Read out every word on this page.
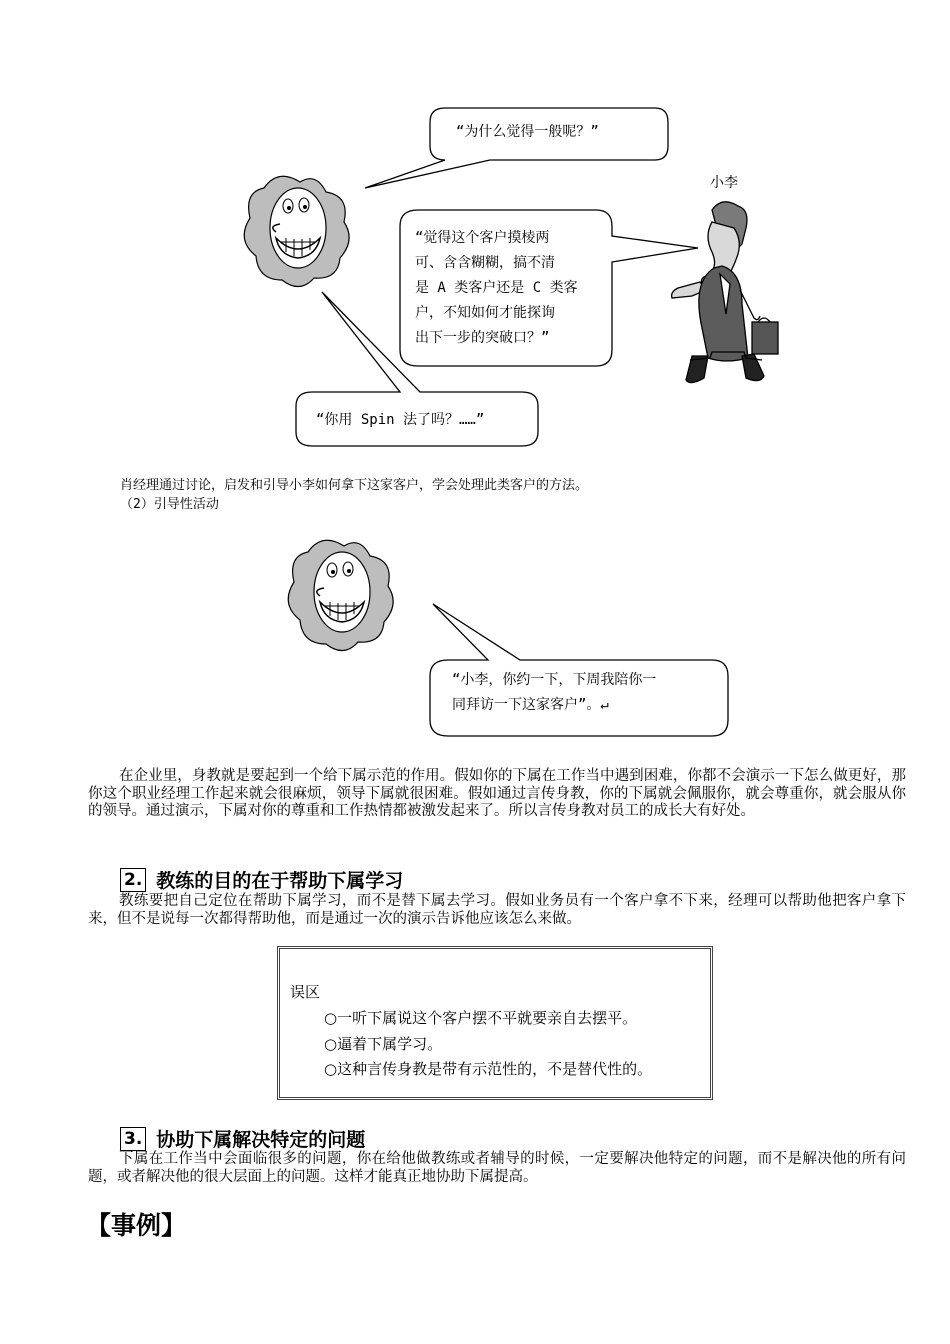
“为什么觉得一般呢？”
小李
“觉得这个客户摸棱两
可、含含糊糊，搞不清
是 A 类客户还是 C 类客
户，不知如何才能探询
出下一步的突破口？”
“你用 Spin 法了吗？……”
肖经理通过讨论，启发和引导小李如何拿下这家客户，学会处理此类客户的方法。
（2）引导性活动
“小李，你约一下，下周我陪你一
同拜访一下这家客户”。↵
在企业里，身教就是要起到一个给下属示范的作用。假如你的下属在工作当中遇到困难，你都不会演示一下怎么做更好，那你这个职业经理工作起来就会很麻烦，领导下属就很困难。假如通过言传身教，你的下属就会佩服你，就会尊重你，就会服从你的领导。通过演示，下属对你的尊重和工作热情都被激发起来了。所以言传身教对员工的成长大有好处。
2. 教练的目的在于帮助下属学习
教练要把自己定位在帮助下属学习，而不是替下属去学习。假如业务员有一个客户拿不下来，经理可以帮助他把客户拿下来，但不是说每一次都得帮助他，而是通过一次的演示告诉他应该怎么来做。
误区
○一听下属说这个客户摆不平就要亲自去摆平。
○逼着下属学习。
○这种言传身教是带有示范性的，不是替代性的。
3. 协助下属解决特定的问题
下属在工作当中会面临很多的问题，你在给他做教练或者辅导的时候，一定要解决他特定的问题，而不是解决他的所有问题，或者解决他的很大层面上的问题。这样才能真正地协助下属提高。
【事例】
